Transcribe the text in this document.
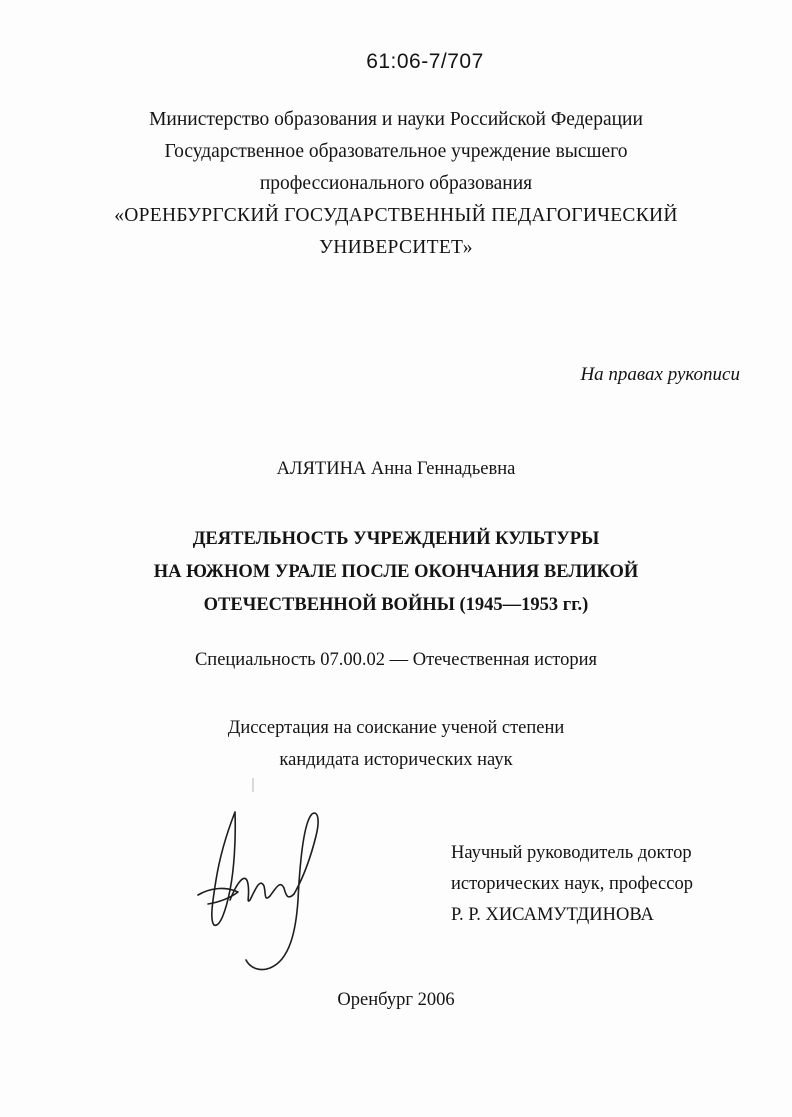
61:06-7/707
Министерство образования и науки Российской Федерации
Государственное образовательное учреждение высшего
профессионального образования
«ОРЕНБУРГСКИЙ ГОСУДАРСТВЕННЫЙ ПЕДАГОГИЧЕСКИЙ
УНИВЕРСИТЕТ»
На правах рукописи
АЛЯТИНА Анна Геннадьевна
ДЕЯТЕЛЬНОСТЬ УЧРЕЖДЕНИЙ КУЛЬТУРЫ
НА ЮЖНОМ УРАЛЕ ПОСЛЕ ОКОНЧАНИЯ ВЕЛИКОЙ
ОТЕЧЕСТВЕННОЙ ВОЙНЫ (1945—1953 гг.)
Специальность 07.00.02 — Отечественная история
Диссертация на соискание ученой степени
кандидата исторических наук
Научный руководитель доктор
исторических наук, профессор
Р. Р. ХИСАМУТДИНОВА
Оренбург 2006
